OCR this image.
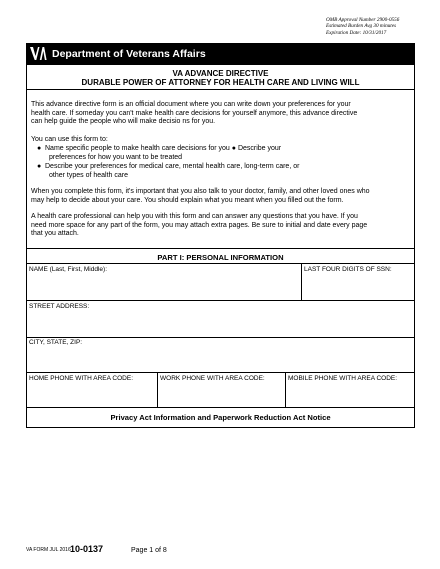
OMB Approval Number 2900-0556
Estimated Burden Avg 30 minutes
Expiration Date: 10/31/2017
Department of Veterans Affairs
VA ADVANCE DIRECTIVE
DURABLE POWER OF ATTORNEY FOR HEALTH CARE AND LIVING WILL
This advance directive form is an official document where you can write down your preferences for your
health care. If someday you can't make health care decisions for yourself anymore, this advance directive
can help guide the people who will make decisio ns for you.
You can use this form to:
● Name specific people to make health care decisions for you ● Describe your
preferences for how you want to be treated
● Describe your preferences for medical care, mental health care, long-term care, or
other types of health care
When you complete this form, it's important that you also talk to your doctor, family, and other loved ones who
may help to decide about your care. You should explain what you meant when you filled out the form.
A health care professional can help you with this form and can answer any questions that you have. If you
need more space for any part of the form, you may attach extra pages. Be sure to initial and date every page
that you attach.
PART I: PERSONAL INFORMATION
NAME (Last, First, Middle):	LAST FOUR DIGITS OF SSN:
STREET ADDRESS:
CITY, STATE, ZIP:
HOME PHONE WITH AREA CODE:	WORK PHONE WITH AREA CODE:	MOBILE PHONE WITH AREA CODE:
Privacy Act Information and Paperwork Reduction Act Notice
VA FORM JUL 2016 10-0137	Page 1 of 8
